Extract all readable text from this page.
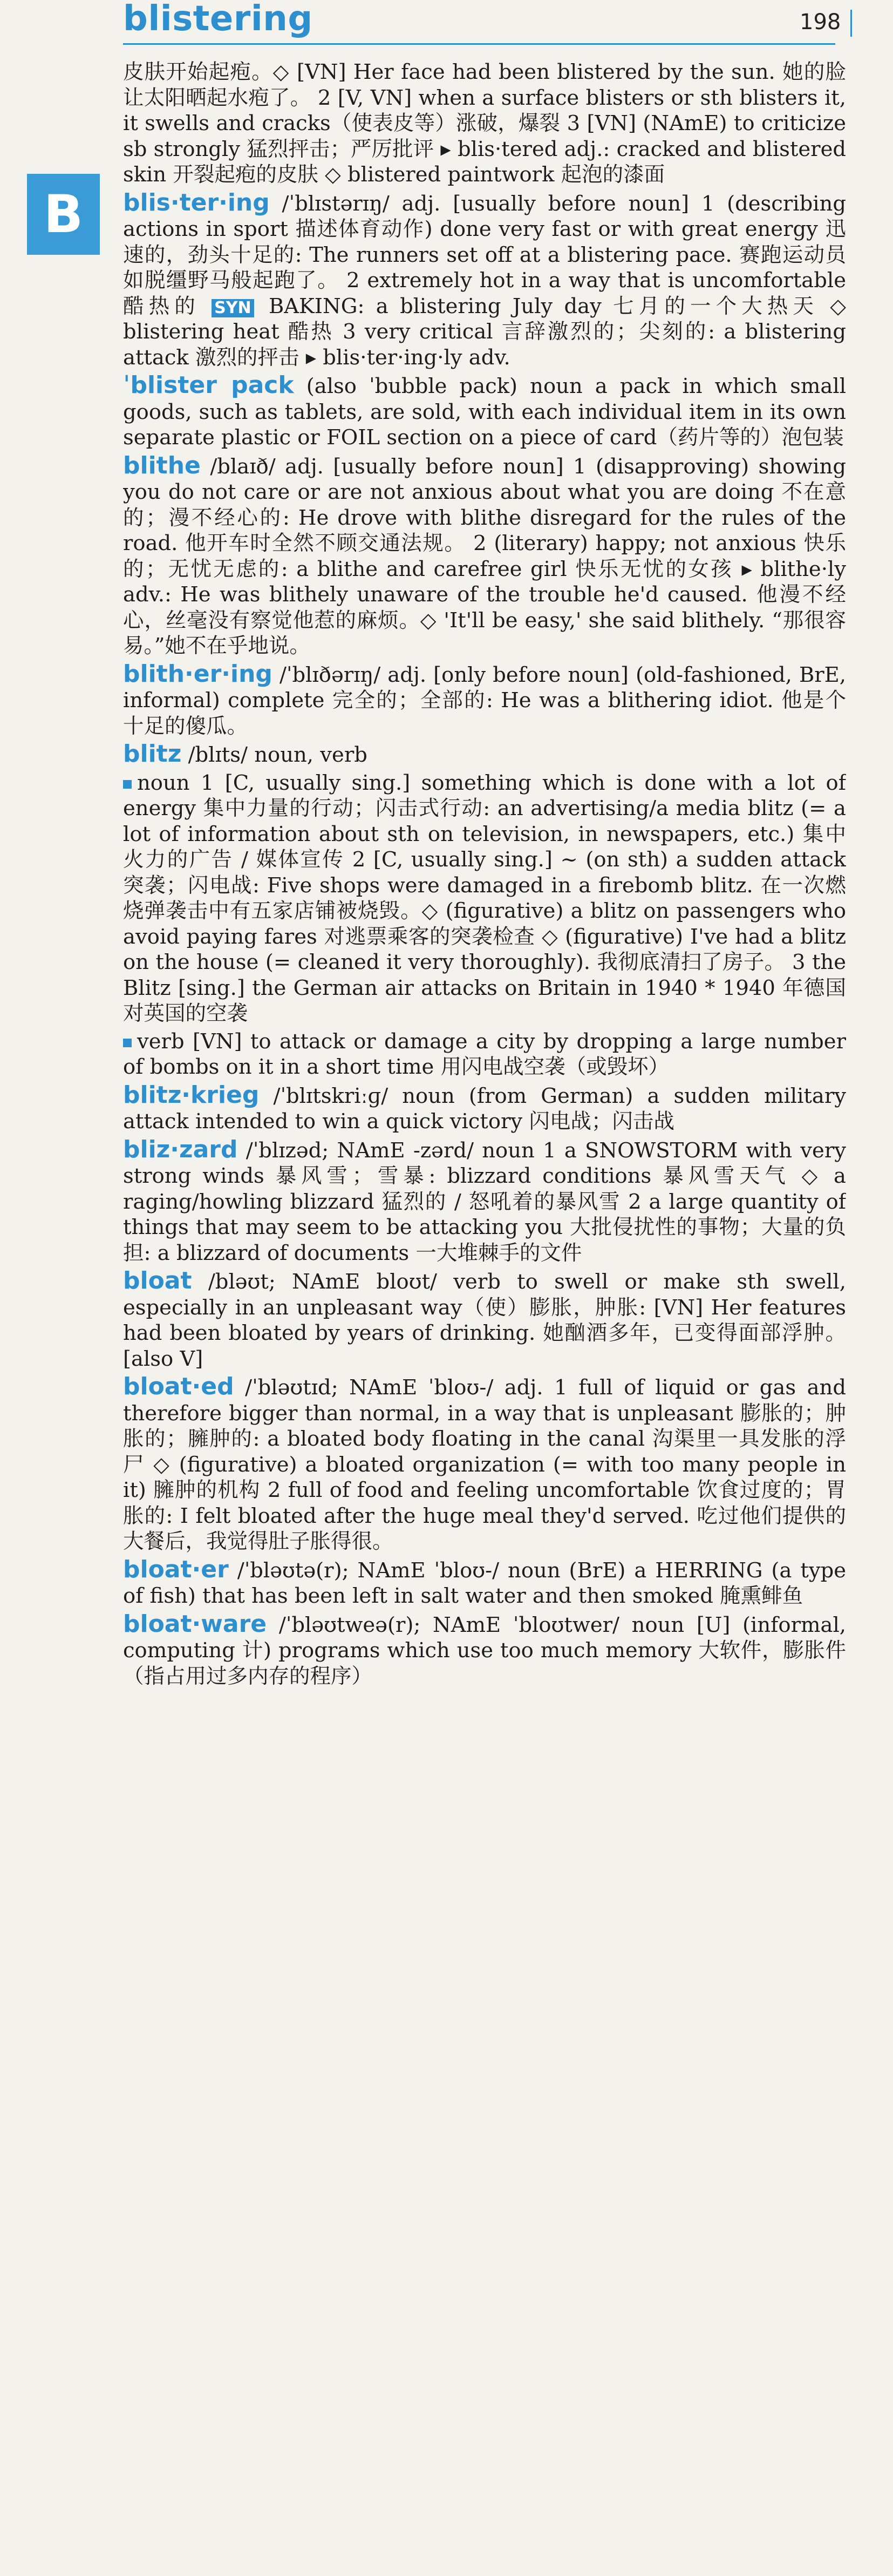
blistering	198
B

皮肤开始起疱。◇ [VN] Her face had been blistered by the sun. 她的脸让太阳晒起水疱了。 2 [V, VN] when a surface blisters or sth blisters it, it swells and cracks（使表皮等）涨破，爆裂 3 [VN] (NAmE) to criticize sb strongly 猛烈抨击；严厉批评 ▸ blis·tered adj.: cracked and blistered skin 开裂起疱的皮肤 ◇ blistered paintwork 起泡的漆面

blis·ter·ing /ˈblɪstərɪŋ/ adj. [usually before noun] 1 (describing actions in sport 描述体育动作) done very fast or with great energy 迅速的，劲头十足的: The runners set off at a blistering pace. 赛跑运动员如脱缰野马般起跑了。 2 extremely hot in a way that is uncomfortable 酷热的 SYN BAKING: a blistering July day 七月的一个大热天 ◇ blistering heat 酷热 3 very critical 言辞激烈的；尖刻的: a blistering attack 激烈的抨击 ▸ blis·ter·ing·ly adv.

ˈblister pack (also ˈbubble pack) noun a pack in which small goods, such as tablets, are sold, with each individual item in its own separate plastic or FOIL section on a piece of card（药片等的）泡包装

blithe /blaɪð/ adj. [usually before noun] 1 (disapproving) showing you do not care or are not anxious about what you are doing 不在意的；漫不经心的: He drove with blithe disregard for the rules of the road. 他开车时全然不顾交通法规。 2 (literary) happy; not anxious 快乐的；无忧无虑的: a blithe and carefree girl 快乐无忧的女孩 ▸ blithe·ly adv.: He was blithely unaware of the trouble he'd caused. 他漫不经心，丝毫没有察觉他惹的麻烦。◇ 'It'll be easy,' she said blithely. “那很容易。”她不在乎地说。

blith·er·ing /ˈblɪðərɪŋ/ adj. [only before noun] (old-fashioned, BrE, informal) complete 完全的；全部的: He was a blithering idiot. 他是个十足的傻瓜。

blitz /blɪts/ noun, verb

noun 1 [C, usually sing.] something which is done with a lot of energy 集中力量的行动；闪击式行动: an advertising/a media blitz (= a lot of information about sth on television, in newspapers, etc.) 集中火力的广告 / 媒体宣传 2 [C, usually sing.] ~ (on sth) a sudden attack 突袭；闪电战: Five shops were damaged in a firebomb blitz. 在一次燃烧弹袭击中有五家店铺被烧毁。◇ (figurative) a blitz on passengers who avoid paying fares 对逃票乘客的突袭检查 ◇ (figurative) I've had a blitz on the house (= cleaned it very thoroughly). 我彻底清扫了房子。 3 the Blitz [sing.] the German air attacks on Britain in 1940 * 1940 年德国对英国的空袭

verb [VN] to attack or damage a city by dropping a large number of bombs on it in a short time 用闪电战空袭（或毁坏）

blitz·krieg /ˈblɪtskriːɡ/ noun (from German) a sudden military attack intended to win a quick victory 闪电战；闪击战

bliz·zard /ˈblɪzəd; NAmE -zərd/ noun 1 a SNOWSTORM with very strong winds 暴风雪；雪暴: blizzard conditions 暴风雪天气 ◇ a raging/howling blizzard 猛烈的 / 怒吼着的暴风雪 2 a large quantity of things that may seem to be attacking you 大批侵扰性的事物；大量的负担: a blizzard of documents 一大堆棘手的文件

bloat /bləʊt; NAmE bloʊt/ verb to swell or make sth swell, especially in an unpleasant way（使）膨胀，肿胀: [VN] Her features had been bloated by years of drinking. 她酗酒多年，已变得面部浮肿。[also V]

bloat·ed /ˈbləʊtɪd; NAmE ˈbloʊ-/ adj. 1 full of liquid or gas and therefore bigger than normal, in a way that is unpleasant 膨胀的；肿胀的；臃肿的: a bloated body floating in the canal 沟渠里一具发胀的浮尸 ◇ (figurative) a bloated organization (= with too many people in it) 臃肿的机构 2 full of food and feeling uncomfortable 饮食过度的；胃胀的: I felt bloated after the huge meal they'd served. 吃过他们提供的大餐后，我觉得肚子胀得很。

bloat·er /ˈbləʊtə(r); NAmE ˈbloʊ-/ noun (BrE) a HERRING (a type of fish) that has been left in salt water and then smoked 腌熏鲱鱼

bloat·ware /ˈbləʊtweə(r); NAmE ˈbloʊtwer/ noun [U] (informal, computing 计) programs which use too much memory 大软件，膨胀件（指占用过多内存的程序）
